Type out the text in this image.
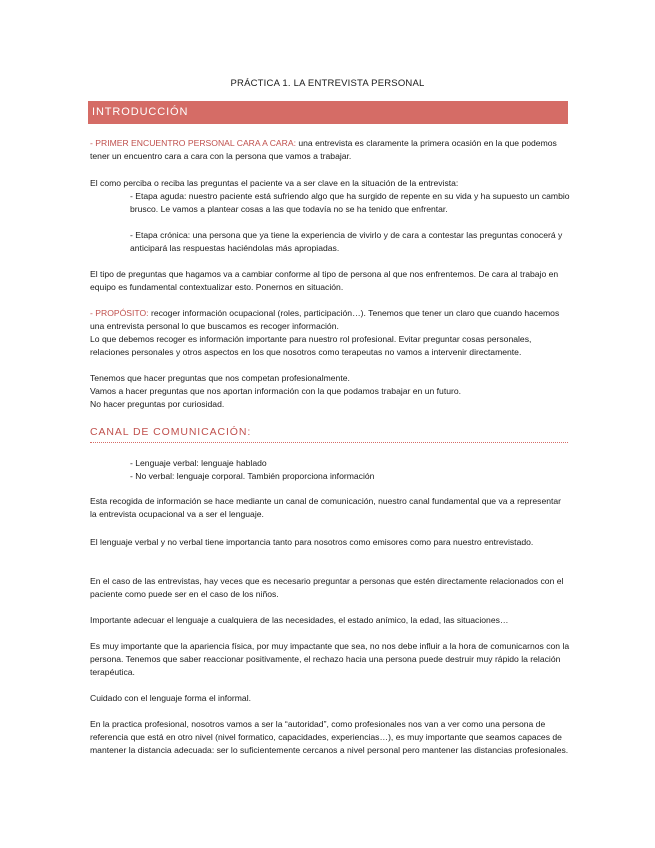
PRÁCTICA 1. LA ENTREVISTA PERSONAL
INTRODUCCIÓN

- PRIMER ENCUENTRO PERSONAL CARA A CARA: una entrevista es claramente la primera ocasión en la que podemos tener un encuentro cara a cara con la persona que vamos a trabajar.

El como perciba o reciba las preguntas el paciente va a ser clave en la situación de la entrevista:

- Etapa aguda: nuestro paciente está sufriendo algo que ha surgido de repente en su vida y ha supuesto un cambio brusco. Le vamos a plantear cosas a las que todavía no se ha tenido que enfrentar.

- Etapa crónica: una persona que ya tiene la experiencia de vivirlo y de cara a contestar las preguntas conocerá y anticipará las respuestas haciéndolas más apropiadas.

El tipo de preguntas que hagamos va a cambiar conforme al tipo de persona al que nos enfrentemos. De cara al trabajo en equipo es fundamental contextualizar esto. Ponernos en situación.

- PROPÓSITO: recoger información ocupacional (roles, participación…). Tenemos que tener un claro que cuando hacemos una entrevista personal lo que buscamos es recoger información.

Lo que debemos recoger es información importante para nuestro rol profesional. Evitar preguntar cosas personales, relaciones personales y otros aspectos en los que nosotros como terapeutas no vamos a intervenir directamente.

Tenemos que hacer preguntas que nos competan profesionalmente.

Vamos a hacer preguntas que nos aportan información con la que podamos trabajar en un futuro.

No hacer preguntas por curiosidad.

CANAL DE COMUNICACIÓN:

- Lenguaje verbal: lenguaje hablado

- No verbal: lenguaje corporal. También proporciona información

Esta recogida de información se hace mediante un canal de comunicación, nuestro canal fundamental que va a representar la entrevista ocupacional va a ser el lenguaje.

El lenguaje verbal y no verbal tiene importancia tanto para nosotros como emisores como para nuestro entrevistado.

En el caso de las entrevistas, hay veces que es necesario preguntar a personas que estén directamente relacionados con el paciente como puede ser en el caso de los niños.

Importante adecuar el lenguaje a cualquiera de las necesidades, el estado anímico, la edad, las situaciones…

Es muy importante que la apariencia física, por muy impactante que sea, no nos debe influir a la hora de comunicarnos con la persona. Tenemos que saber reaccionar positivamente, el rechazo hacia una persona puede destruir muy rápido la relación terapéutica.

Cuidado con el lenguaje forma el informal.

En la practica profesional, nosotros vamos a ser la “autoridad”, como profesionales nos van a ver como una persona de referencia que está en otro nivel (nivel formatico, capacidades, experiencias…), es muy importante que seamos capaces de mantener la distancia adecuada: ser lo suficientemente cercanos a nivel personal pero mantener las distancias profesionales.
